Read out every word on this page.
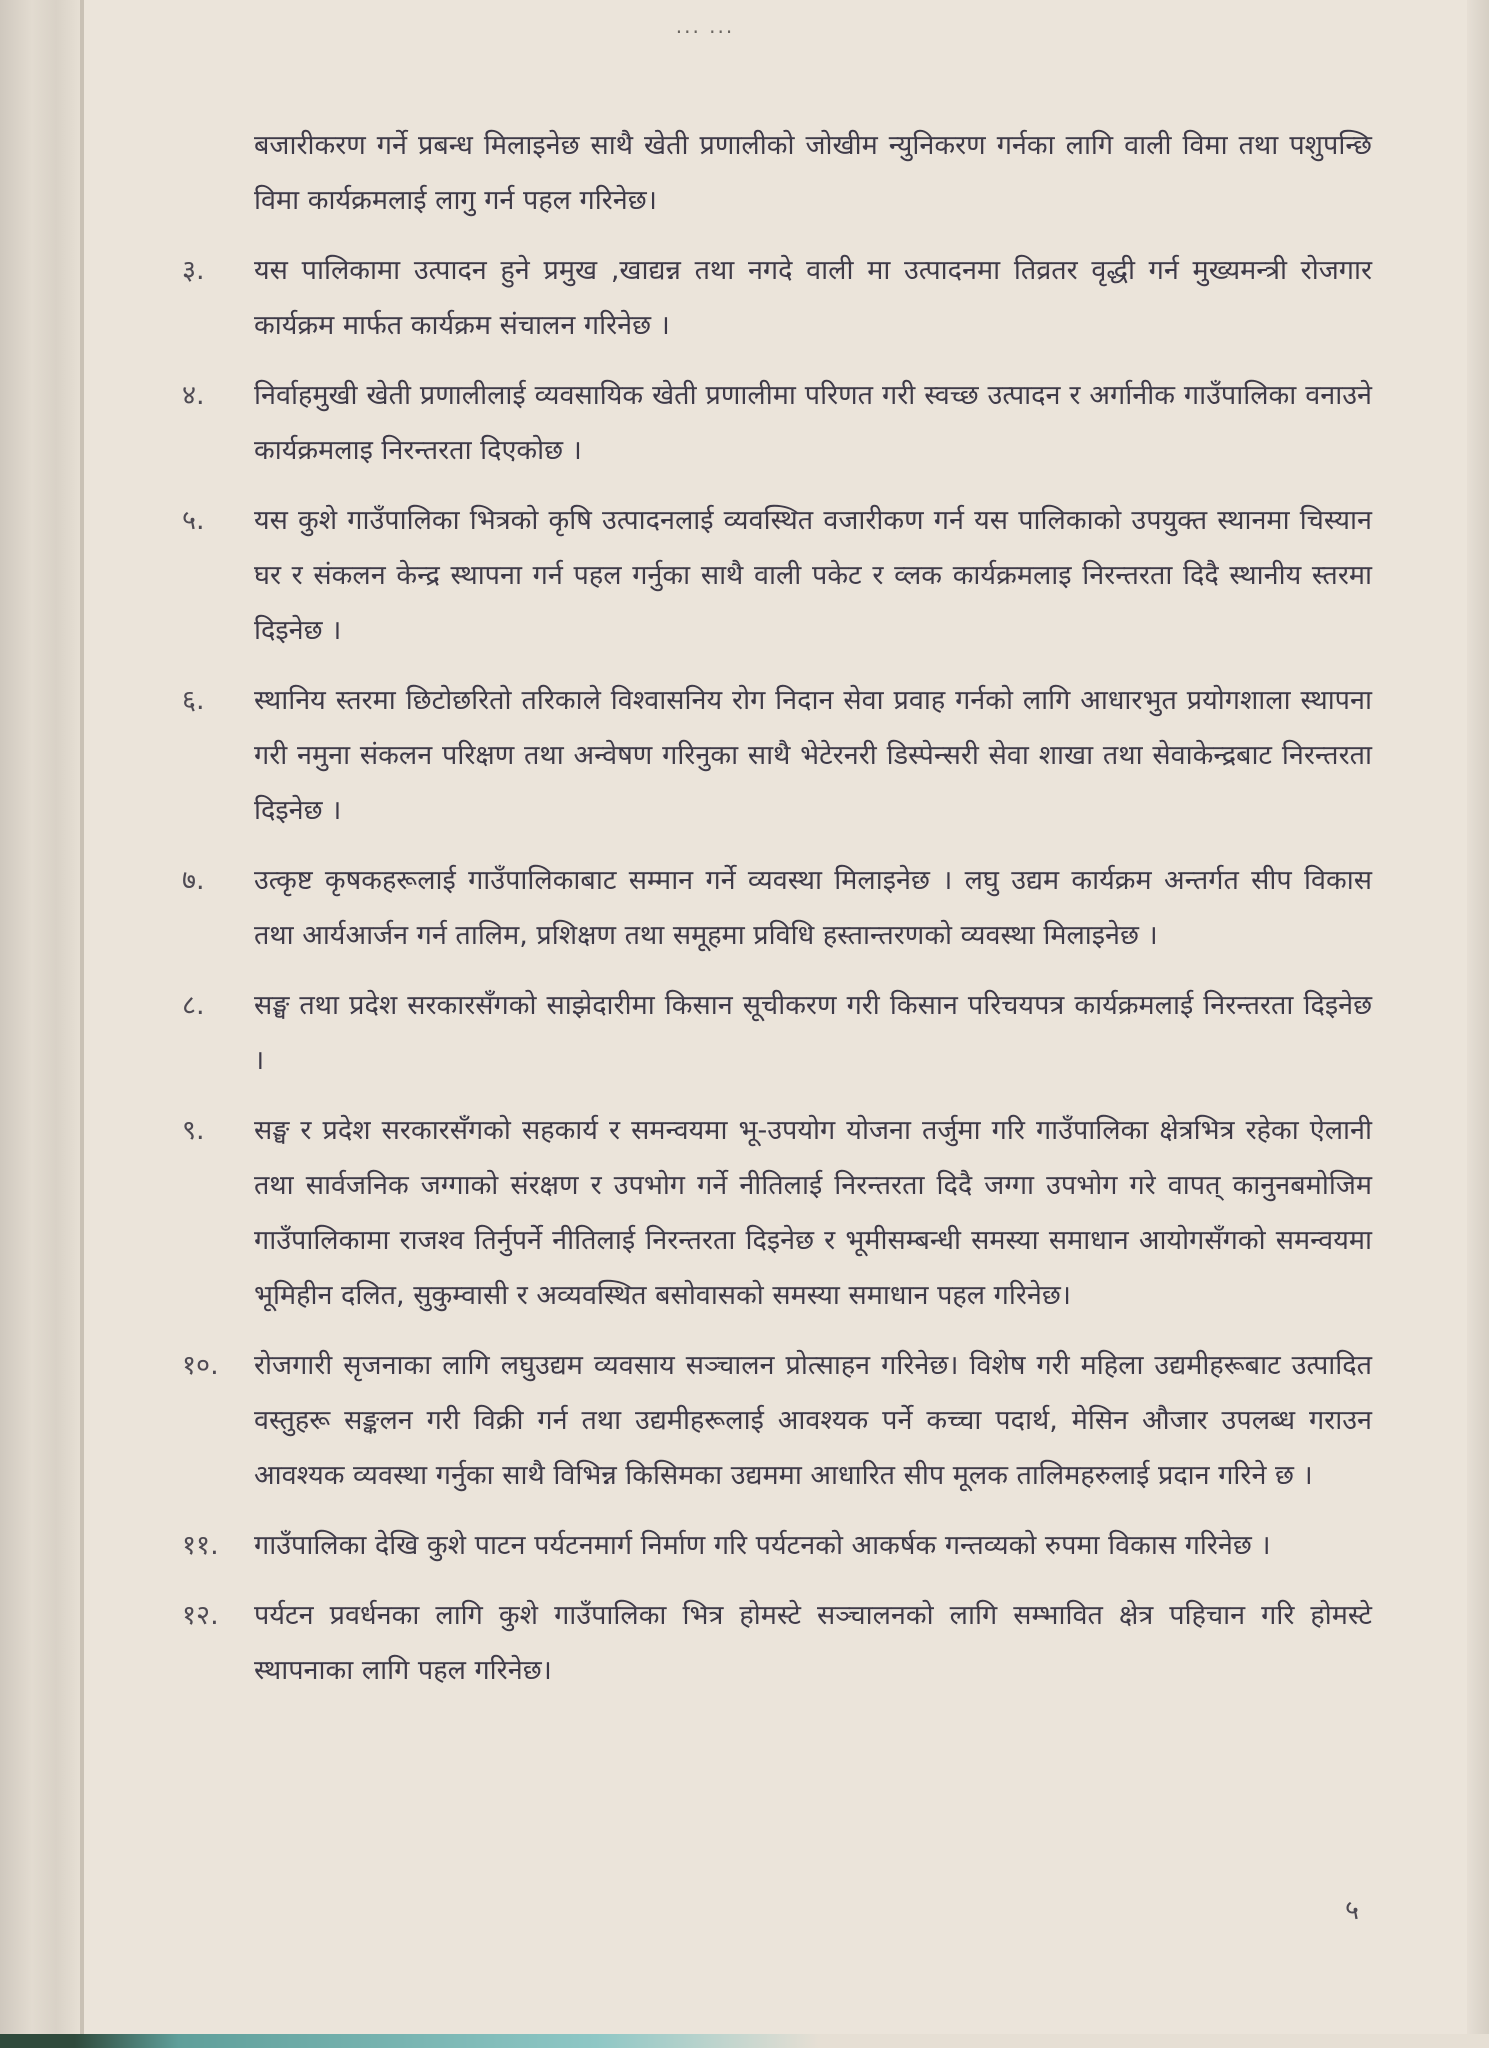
... ...
बजारीकरण गर्ने प्रबन्ध मिलाइनेछ साथै खेती प्रणालीको जोखीम न्युनिकरण गर्नका लागि वाली विमा तथा पशुपन्छि विमा कार्यक्रमलाई लागु गर्न पहल गरिनेछ।
३.	यस पालिकामा उत्पादन हुने प्रमुख ,खाद्यन्न तथा नगदे वाली मा उत्पादनमा तिव्रतर वृद्धी गर्न मुख्यमन्त्री रोजगार कार्यक्रम मार्फत कार्यक्रम संचालन गरिनेछ ।
४.	निर्वाहमुखी खेती प्रणालीलाई व्यवसायिक खेती प्रणालीमा परिणत गरी स्वच्छ उत्पादन र अर्गानीक गाउँपालिका वनाउने कार्यक्रमलाइ निरन्तरता दिएकोछ ।
५.	यस कुशे गाउँपालिका भित्रको कृषि उत्पादनलाई व्यवस्थित वजारीकण गर्न यस पालिकाको उपयुक्त स्थानमा चिस्यान घर र संकलन केन्द्र स्थापना गर्न पहल गर्नुका साथै वाली पकेट र व्लक कार्यक्रमलाइ निरन्तरता दिदै स्थानीय स्तरमा दिइनेछ ।
६.	स्थानिय स्तरमा छिटोछरितो तरिकाले विश्वासनिय रोग निदान सेवा प्रवाह गर्नको लागि आधारभुत प्रयोगशाला स्थापना गरी नमुना संकलन परिक्षण तथा अन्वेषण गरिनुका साथै भेटेरनरी डिस्पेन्सरी सेवा शाखा तथा सेवाकेन्द्रबाट निरन्तरता दिइनेछ ।
७.	उत्कृष्ट कृषकहरूलाई गाउँपालिकाबाट सम्मान गर्ने व्यवस्था मिलाइनेछ । लघु उद्यम कार्यक्रम अन्तर्गत सीप विकास तथा आर्यआर्जन गर्न तालिम, प्रशिक्षण तथा समूहमा प्रविधि हस्तान्तरणको व्यवस्था मिलाइनेछ ।
८.	सङ्घ तथा प्रदेश सरकारसँगको साझेदारीमा किसान सूचीकरण गरी किसान परिचयपत्र कार्यक्रमलाई निरन्तरता दिइनेछ ।
९.	सङ्घ र प्रदेश सरकारसँगको सहकार्य र समन्वयमा भू-उपयोग योजना तर्जुमा गरि गाउँपालिका क्षेत्रभित्र रहेका ऐलानी तथा सार्वजनिक जग्गाको संरक्षण र उपभोग गर्ने नीतिलाई निरन्तरता दिदै जग्गा उपभोग गरे वापत् कानुनबमोजिम गाउँपालिकामा राजश्व तिर्नुपर्ने नीतिलाई निरन्तरता दिइनेछ र भूमीसम्बन्धी समस्या समाधान आयोगसँगको समन्वयमा भूमिहीन दलित, सुकुम्वासी र अव्यवस्थित बसोवासको समस्या समाधान पहल गरिनेछ।
१०.	रोजगारी सृजनाका लागि लघुउद्यम व्यवसाय सञ्चालन प्रोत्साहन गरिनेछ। विशेष गरी महिला उद्यमीहरूबाट उत्पादित वस्तुहरू सङ्कलन गरी विक्री गर्न तथा उद्यमीहरूलाई आवश्यक पर्ने कच्चा पदार्थ, मेसिन औजार उपलब्ध गराउन आवश्यक व्यवस्था गर्नुका साथै विभिन्न किसिमका उद्यममा आधारित सीप मूलक तालिमहरुलाई प्रदान गरिने छ ।
११.	गाउँपालिका देखि कुशे पाटन पर्यटनमार्ग निर्माण गरि पर्यटनको आकर्षक गन्तव्यको रुपमा विकास गरिनेछ ।
१२.	पर्यटन प्रवर्धनका लागि कुशे गाउँपालिका भित्र होमस्टे सञ्चालनको लागि सम्भावित क्षेत्र पहिचान गरि होमस्टे स्थापनाका लागि पहल गरिनेछ।
५
